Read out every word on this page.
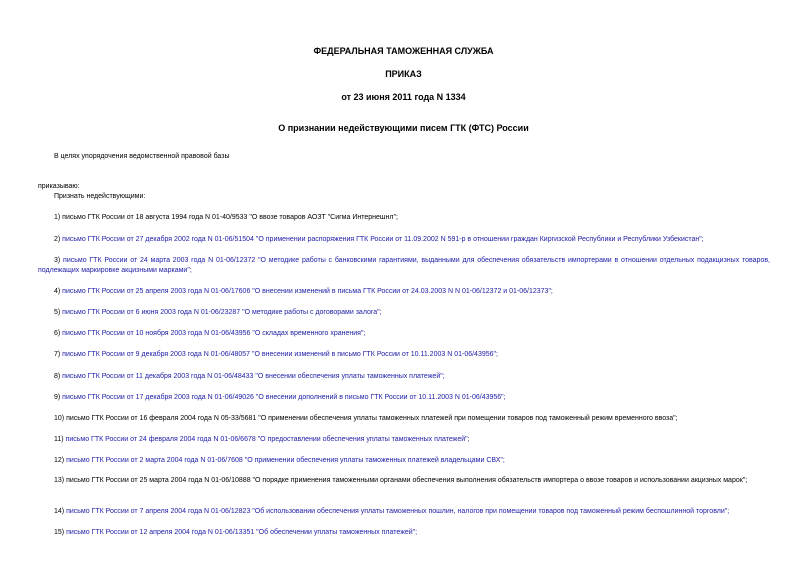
ФЕДЕРАЛЬНАЯ ТАМОЖЕННАЯ СЛУЖБА
ПРИКАЗ
от 23 июня 2011 года N 1334
О признании недействующими писем ГТК (ФТС) России
В целях упорядочения ведомственной правовой базы
приказываю:
Признать недействующими:
1) письмо ГТК России от 18 августа 1994 года N 01-40/9533 "О ввозе товаров АОЗТ "Сигма Интернешнл";
2) письмо ГТК России от 27 декабря 2002 года N 01-06/51504 "О применении распоряжения ГТК России от 11.09.2002 N 591-р в отношении граждан Киргизской Республики и Республики Узбекистан";
3) письмо ГТК России от 24 марта 2003 года N 01-06/12372 "О методике работы с банковскими гарантиями, выданными для обеспечения обязательств импортерами в отношении отдельных подакцизных товаров, подлежащих маркировке акцизными марками";
4) письмо ГТК России от 25 апреля 2003 года N 01-06/17606 "О внесении изменений в письма ГТК России от 24.03.2003 N N 01-06/12372 и 01-06/12373";
5) письмо ГТК России от 6 июня 2003 года N 01-06/23287 "О методике работы с договорами залога";
6) письмо ГТК России от 10 ноября 2003 года N 01-06/43956 "О складах временного хранения";
7) письмо ГТК России от 9 декабря 2003 года N 01-06/48057 "О внесении изменений в письмо ГТК России от 10.11.2003 N 01-06/43956";
8) письмо ГТК России от 11 декабря 2003 года N 01-06/48433 "О внесении обеспечения уплаты таможенных платежей";
9) письмо ГТК России от 17 декабря 2003 года N 01-06/49026 "О внесении дополнений в письмо ГТК России от 10.11.2003 N 01-06/43956";
10) письмо ГТК России от 16 февраля 2004 года N 05-33/5681 "О применении обеспечения уплаты таможенных платежей при помещении товаров под таможенный режим временного ввоза";
11) письмо ГТК России от 24 февраля 2004 года N 01-06/6678 "О предоставлении обеспечения уплаты таможенных платежей";
12) письмо ГТК России от 2 марта 2004 года N 01-06/7608 "О применении обеспечения уплаты таможенных платежей владельцами СВХ";
13) письмо ГТК России от 25 марта 2004 года N 01-06/10888 "О порядке применения таможенными органами обеспечения выполнения обязательств импортера о ввозе товаров и использовании акцизных марок";
14) письмо ГТК России от 7 апреля 2004 года N 01-06/12823 "Об использовании обеспечения уплаты таможенных пошлин, налогов при помещении товаров под таможенный режим беспошлинной торговли";
15) письмо ГТК России от 12 апреля 2004 года N 01-06/13351 "Об обеспечении уплаты таможенных платежей";
